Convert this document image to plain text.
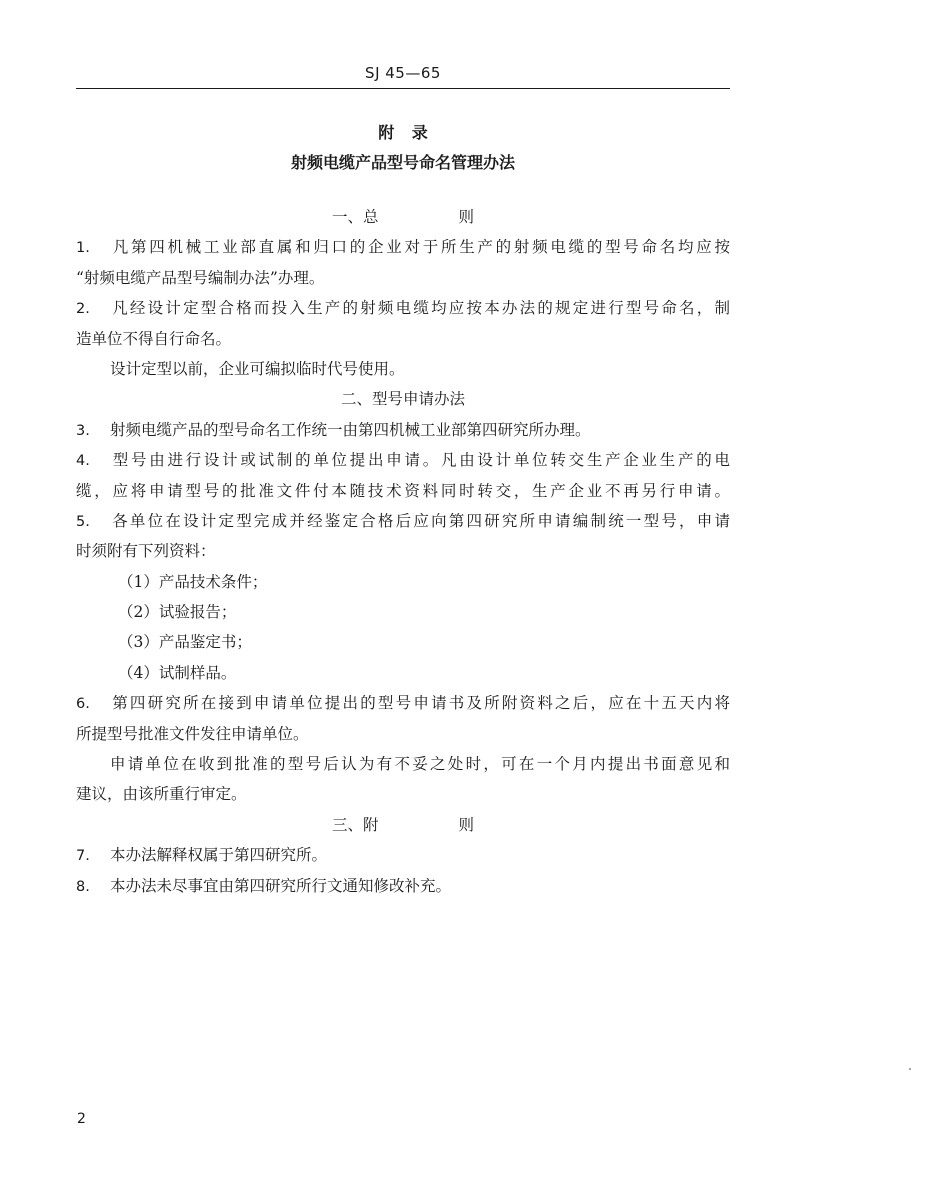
SJ 45—65
附 录
射频电缆产品型号命名管理办法
一、总	则
1. 凡第四机械工业部直属和归口的企业对于所生产的射频电缆的型号命名均应按
“射频电缆产品型号编制办法”办理。
2. 凡经设计定型合格而投入生产的射频电缆均应按本办法的规定进行型号命名，制
造单位不得自行命名。
设计定型以前，企业可编拟临时代号使用。
二、型号申请办法
3. 射频电缆产品的型号命名工作统一由第四机械工业部第四研究所办理。
4. 型号由进行设计或试制的单位提出申请。凡由设计单位转交生产企业生产的电
缆，应将申请型号的批准文件付本随技术资料同时转交，生产企业不再另行申请。
5. 各单位在设计定型完成并经鉴定合格后应向第四研究所申请编制统一型号，申请
时须附有下列资料：
（1）产品技术条件；
（2）试验报告；
（3）产品鉴定书；
（4）试制样品。
6. 第四研究所在接到申请单位提出的型号申请书及所附资料之后，应在十五天内将
所提型号批准文件发往申请单位。
申请单位在收到批准的型号后认为有不妥之处时，可在一个月内提出书面意见和
建议，由该所重行审定。
三、附	则
7. 本办法解释权属于第四研究所。
8. 本办法未尽事宜由第四研究所行文通知修改补充。
2
